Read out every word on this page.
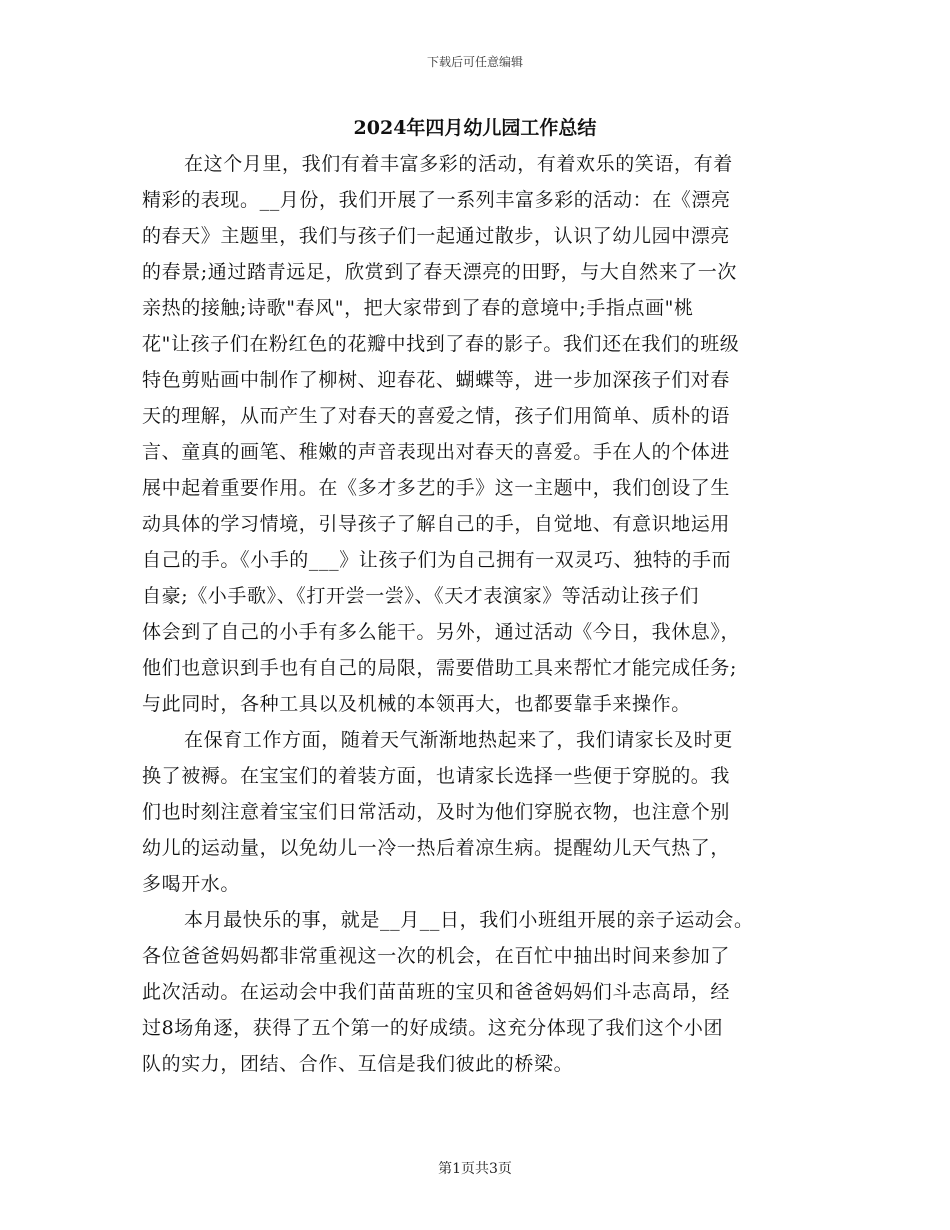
下载后可任意编辑
2024年四月幼儿园工作总结
在这个月里，我们有着丰富多彩的活动，有着欢乐的笑语，有着
精彩的表现。__月份，我们开展了一系列丰富多彩的活动：在《漂亮
的春天》主题里，我们与孩子们一起通过散步，认识了幼儿园中漂亮
的春景;通过踏青远足，欣赏到了春天漂亮的田野，与大自然来了一次
亲热的接触;诗歌"春风"，把大家带到了春的意境中;手指点画"桃
花"让孩子们在粉红色的花瓣中找到了春的影子。我们还在我们的班级
特色剪贴画中制作了柳树、迎春花、蝴蝶等，进一步加深孩子们对春
天的理解，从而产生了对春天的喜爱之情，孩子们用简单、质朴的语
言、童真的画笔、稚嫩的声音表现出对春天的喜爱。手在人的个体进
展中起着重要作用。在《多才多艺的手》这一主题中，我们创设了生
动具体的学习情境，引导孩子了解自己的手，自觉地、有意识地运用
自己的手。《小手的___》让孩子们为自己拥有一双灵巧、独特的手而
自豪;《小手歌》、《打开尝一尝》、《天才表演家》等活动让孩子们
体会到了自己的小手有多么能干。另外，通过活动《今日，我休息》，
他们也意识到手也有自己的局限，需要借助工具来帮忙才能完成任务;
与此同时，各种工具以及机械的本领再大，也都要靠手来操作。
在保育工作方面，随着天气渐渐地热起来了，我们请家长及时更
换了被褥。在宝宝们的着装方面，也请家长选择一些便于穿脱的。我
们也时刻注意着宝宝们日常活动，及时为他们穿脱衣物，也注意个别
幼儿的运动量，以免幼儿一冷一热后着凉生病。提醒幼儿天气热了，
多喝开水。
本月最快乐的事，就是__月__日，我们小班组开展的亲子运动会。
各位爸爸妈妈都非常重视这一次的机会，在百忙中抽出时间来参加了
此次活动。在运动会中我们苗苗班的宝贝和爸爸妈妈们斗志高昂，经
过8场角逐，获得了五个第一的好成绩。这充分体现了我们这个小团
队的实力，团结、合作、互信是我们彼此的桥梁。
第1页共3页
